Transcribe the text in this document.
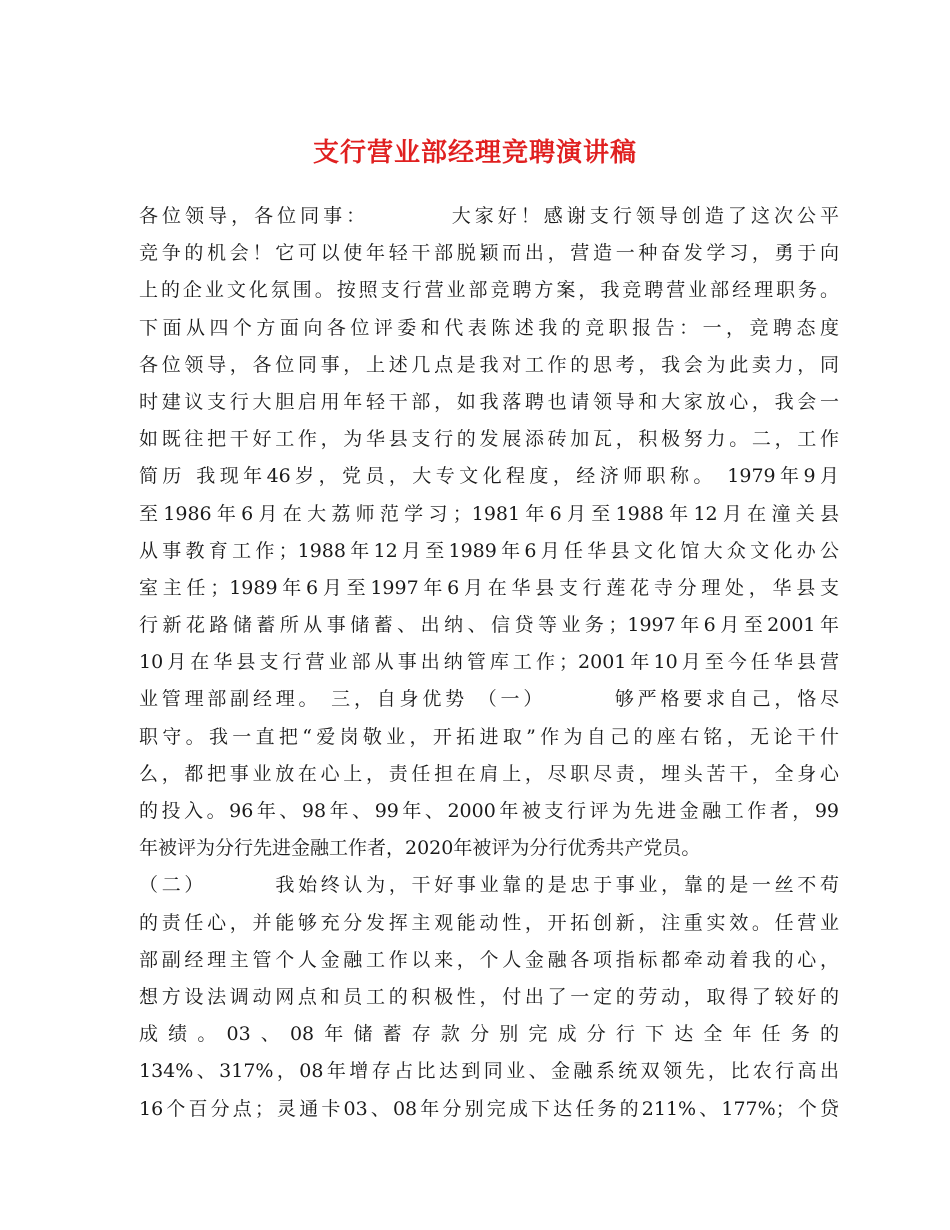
支行营业部经理竞聘演讲稿
各位领导，各位同事：　　　　大家好！感谢支行领导创造了这次公平
竞争的机会！它可以使年轻干部脱颖而出，营造一种奋发学习，勇于向
上的企业文化氛围。按照支行营业部竞聘方案，我竞聘营业部经理职务。
下面从四个方面向各位评委和代表陈述我的竞职报告：一，竞聘态度
各位领导，各位同事，上述几点是我对工作的思考，我会为此卖力，同
时建议支行大胆启用年轻干部，如我落聘也请领导和大家放心，我会一
如既往把干好工作，为华县支行的发展添砖加瓦，积极努力。二，工作
简历 我现年46岁，党员，大专文化程度，经济师职称。 1979年9月
至1986年6月在大荔师范学习；1981年6月至1988年12月在潼关县
从事教育工作；1988年12月至1989年6月任华县文化馆大众文化办公
室主任；1989年6月至1997年6月在华县支行莲花寺分理处，华县支
行新花路储蓄所从事储蓄、出纳、信贷等业务；1997年6月至2001年
10月在华县支行营业部从事出纳管库工作；2001年10月至今任华县营
业管理部副经理。 三，自身优势 （一）　　　 够严格要求自己，恪尽
职守。我一直把“爱岗敬业，开拓进取”作为自己的座右铭，无论干什
么，都把事业放在心上，责任担在肩上，尽职尽责，埋头苦干，全身心
的投入。96年、98年、99年、2000年被支行评为先进金融工作者，99
年被评为分行先进金融工作者，2020年被评为分行优秀共产党员。
（二）　　　 我始终认为，干好事业靠的是忠于事业，靠的是一丝不苟
的责任心，并能够充分发挥主观能动性，开拓创新，注重实效。任营业
部副经理主管个人金融工作以来，个人金融各项指标都牵动着我的心，
想方设法调动网点和员工的积极性，付出了一定的劳动，取得了较好的
成绩。03、08年储蓄存款分别完成分行下达全年任务的
134%、317%，08年增存占比达到同业、金融系统双领先，比农行高出
16个百分点；灵通卡03、08年分别完成下达任务的211%、177%；个贷
